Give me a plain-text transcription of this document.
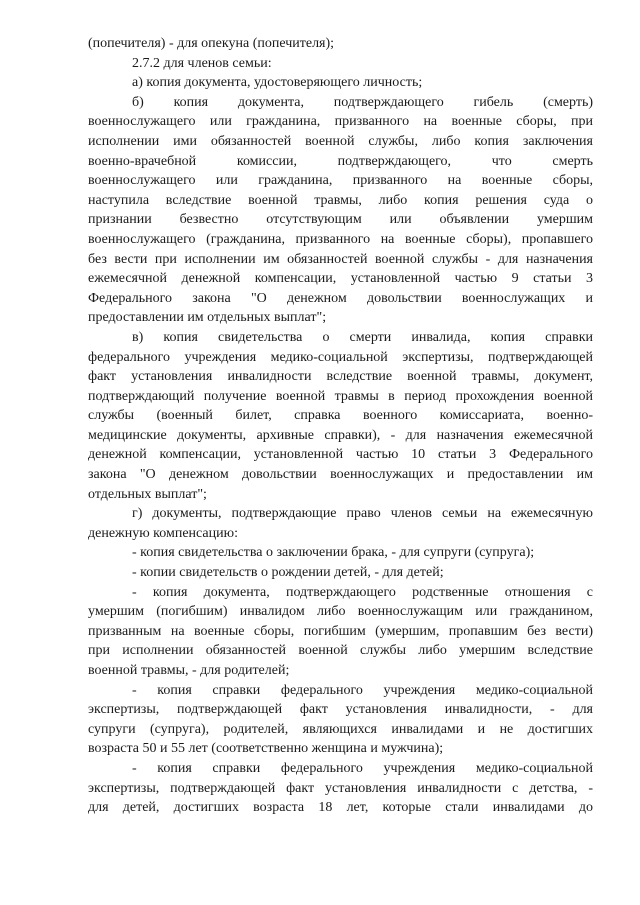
(попечителя) - для опекуна (попечителя);
2.7.2 для членов семьи:
а) копия документа, удостоверяющего личность;
б) копия документа, подтверждающего гибель (смерть)
военнослужащего или гражданина, призванного на военные сборы, при
исполнении ими обязанностей военной службы, либо копия заключения
военно-врачебной комиссии, подтверждающего, что смерть
военнослужащего или гражданина, призванного на военные сборы,
наступила вследствие военной травмы, либо копия решения суда о
признании безвестно отсутствующим или объявлении умершим
военнослужащего (гражданина, призванного на военные сборы), пропавшего
без вести при исполнении им обязанностей военной службы - для назначения
ежемесячной денежной компенсации, установленной частью 9 статьи 3
Федерального закона "О денежном довольствии военнослужащих и
предоставлении им отдельных выплат";
в) копия свидетельства о смерти инвалида, копия справки
федерального учреждения медико-социальной экспертизы, подтверждающей
факт установления инвалидности вследствие военной травмы, документ,
подтверждающий получение военной травмы в период прохождения военной
службы (военный билет, справка военного комиссариата, военно-
медицинские документы, архивные справки), - для назначения ежемесячной
денежной компенсации, установленной частью 10 статьи 3 Федерального
закона "О денежном довольствии военнослужащих и предоставлении им
отдельных выплат";
г) документы, подтверждающие право членов семьи на ежемесячную
денежную компенсацию:
- копия свидетельства о заключении брака, - для супруги (супруга);
- копии свидетельств о рождении детей, - для детей;
- копия документа, подтверждающего родственные отношения с
умершим (погибшим) инвалидом либо военнослужащим или гражданином,
призванным на военные сборы, погибшим (умершим, пропавшим без вести)
при исполнении обязанностей военной службы либо умершим вследствие
военной травмы, - для родителей;
- копия справки федерального учреждения медико-социальной
экспертизы, подтверждающей факт установления инвалидности, - для
супруги (супруга), родителей, являющихся инвалидами и не достигших
возраста 50 и 55 лет (соответственно женщина и мужчина);
- копия справки федерального учреждения медико-социальной
экспертизы, подтверждающей факт установления инвалидности с детства, -
для детей, достигших возраста 18 лет, которые стали инвалидами до
